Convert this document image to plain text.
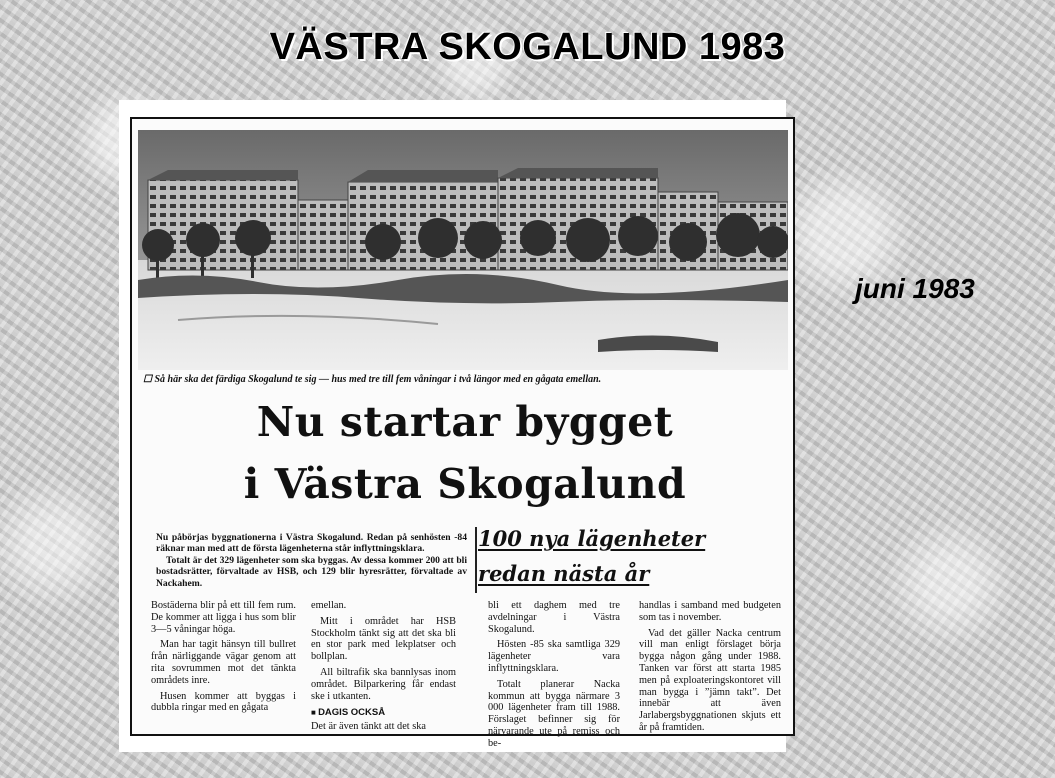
VÄSTRA SKOGALUND 1983
juni 1983
☐ Så här ska det färdiga Skogalund te sig — hus med tre till fem våningar i två längor med en gågata emellan.
Nu startar bygget
i Västra Skogalund

Nu påbörjas byggnationerna i Västra Skogalund. Redan på senhösten -84 räknar man med att de första lägenheterna står inflyttningsklara.

Totalt är det 329 lägenheter som ska byggas. Av dessa kommer 200 att bli bostadsrätter, förvaltade av HSB, och 129 blir hyresrätter, förvaltade av Nackahem.

100 nya lägenheter
redan nästa år

Bostäderna blir på ett till fem rum. De kommer att ligga i hus som blir 3—5 våningar höga.

Man har tagit hänsyn till bullret från närliggande vägar genom att rita sovrummen mot det tänkta områdets inre.

Husen kommer att byggas i dubbla ringar med en gågata

emellan.

Mitt i området har HSB Stockholm tänkt sig att det ska bli en stor park med lekplatser och bollplan.

All biltrafik ska bannlysas inom området. Bilparkering får endast ske i utkanten.

■ DAGIS OCKSÅ

Det är även tänkt att det ska

bli ett daghem med tre avdelningar i Västra Skogalund.

Hösten -85 ska samtliga 329 lägenheter vara inflyttningsklara.

Totalt planerar Nacka kommun att bygga närmare 3 000 lägenheter fram till 1988. Förslaget befinner sig för närvarande ute på remiss och be-

handlas i samband med budgeten som tas i november.

Vad det gäller Nacka centrum vill man enligt förslaget börja bygga någon gång under 1988. Tanken var först att starta 1985 men på exploateringskontoret vill man bygga i ”jämn takt”. Det innebär att även Jarlabergsbyggnationen skjuts ett år på framtiden.
